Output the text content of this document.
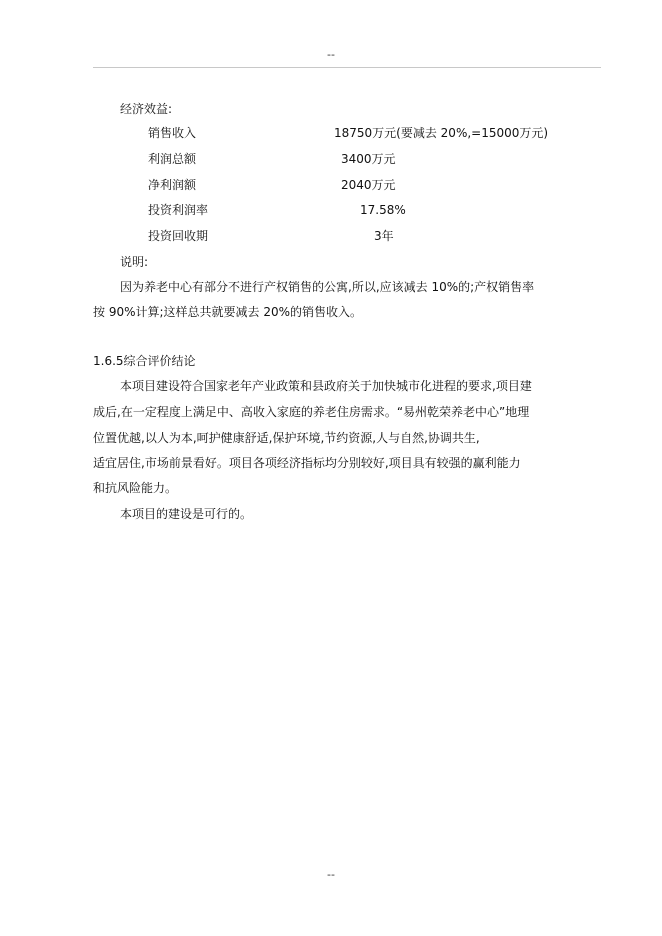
--
经济效益:
销售收入	18750万元(要减去 20%,=15000万元)
利润总额	3400万元
净利润额	2040万元
投资利润率	17.58%
投资回收期	3年
说明:
因为养老中心有部分不进行产权销售的公寓,所以,应该减去 10%的;产权销售率
按 90%计算;这样总共就要减去 20%的销售收入。
1.6.5综合评价结论
本项目建设符合国家老年产业政策和县政府关于加快城市化进程的要求,项目建
成后,在一定程度上满足中、高收入家庭的养老住房需求。“易州乾荣养老中心”地理
位置优越,以人为本,呵护健康舒适,保护环境,节约资源,人与自然,协调共生,
适宜居住,市场前景看好。项目各项经济指标均分别较好,项目具有较强的赢利能力
和抗风险能力。
本项目的建设是可行的。
--
